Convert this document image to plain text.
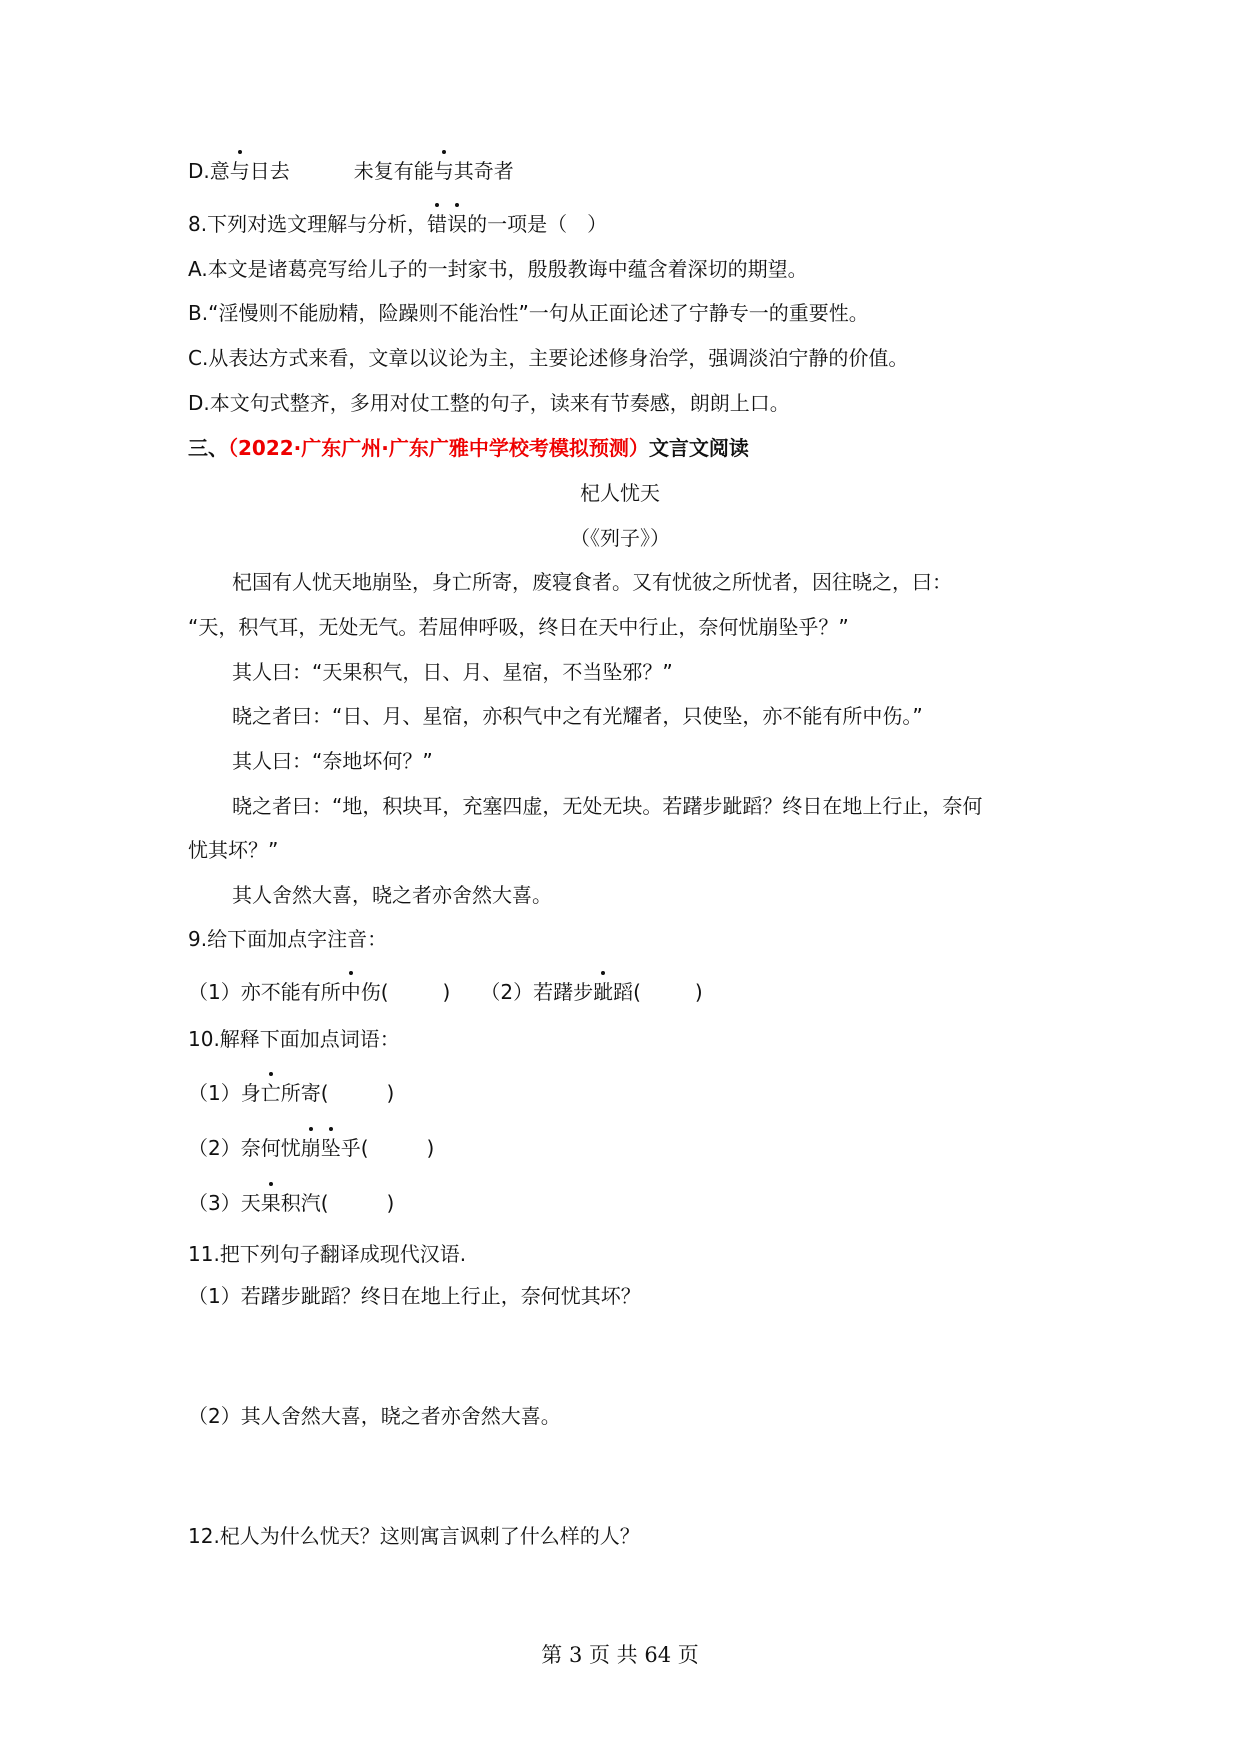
D.意与日去	未复有能与其奇者
8.下列对选文理解与分析，错误的一项是（　）
A.本文是诸葛亮写给儿子的一封家书，殷殷教诲中蕴含着深切的期望。
B.“淫慢则不能励精，险躁则不能治性”一句从正面论述了宁静专一的重要性。
C.从表达方式来看，文章以议论为主，主要论述修身治学，强调淡泊宁静的价值。
D.本文句式整齐，多用对仗工整的句子，读来有节奏感，朗朗上口。
三、（2022·广东广州·广东广雅中学校考模拟预测）文言文阅读
杞人忧天
（《列子》）
杞国有人忧天地崩坠，身亡所寄，废寝食者。又有忧彼之所忧者，因往晓之，曰：
“天，积气耳，无处无气。若屈伸呼吸，终日在天中行止，奈何忧崩坠乎？”
其人曰：“天果积气，日、月、星宿，不当坠邪？”
晓之者曰：“日、月、星宿，亦积气中之有光耀者，只使坠，亦不能有所中伤。”
其人曰：“奈地坏何？”
晓之者曰：“地，积块耳，充塞四虚，无处无块。若躇步跐蹈？终日在地上行止，奈何
忧其坏？”
其人舍然大喜，晓之者亦舍然大喜。
9.给下面加点字注音：
（1）亦不能有所中伤(	) （2）若躇步跐蹈(	)
10.解释下面加点词语：
（1）身亡所寄(	)
（2）奈何忧崩坠乎(	)
（3）天果积汽(	)
11.把下列句子翻译成现代汉语.
（1）若躇步跐蹈？终日在地上行止，奈何忧其坏？
（2）其人舍然大喜，晓之者亦舍然大喜。
12.杞人为什么忧天？这则寓言讽刺了什么样的人？
第 3 页 共 64 页
